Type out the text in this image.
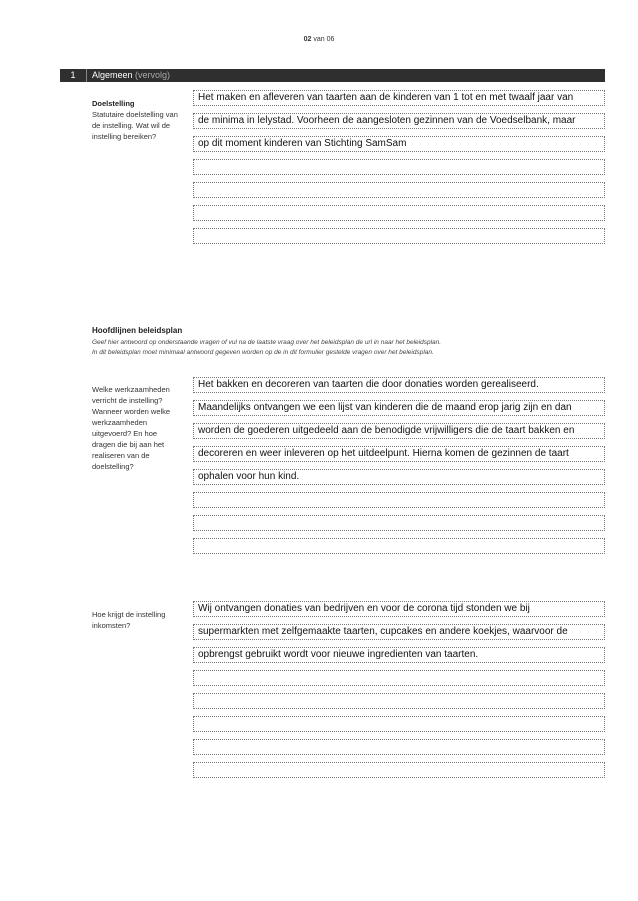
02 van 06
1	Algemeen (vervolg)
Doelstelling
Statutaire doelstelling van de instelling. Wat wil de instelling bereiken?
Het maken en afleveren van taarten aan de kinderen van 1 tot en met twaalf jaar van
de minima in lelystad. Voorheen de aangesloten gezinnen van de Voedselbank, maar
op dit moment kinderen van Stichting SamSam
Hoofdlijnen beleidsplan
Geef hier antwoord op onderstaande vragen of vul na de laatste vraag over het beleidsplan de url in naar het beleidsplan.
In dit beleidsplan moet minimaal antwoord gegeven worden op de in dit formulier gestelde vragen over het beleidsplan.
Welke werkzaamheden verricht de instelling? Wanneer worden welke werkzaamheden uitgevoerd? En hoe dragen die bij aan het realiseren van de doelstelling?
Het bakken en decoreren van taarten die door donaties worden gerealiseerd.
Maandelijks ontvangen we een lijst van kinderen die de maand erop jarig zijn en dan
worden de goederen uitgedeeld aan de benodigde vrijwilligers die de taart bakken en
decoreren en weer inleveren op het uitdeelpunt. Hierna komen de gezinnen de taart
ophalen voor hun kind.
Hoe krijgt de instelling inkomsten?
Wij ontvangen donaties van bedrijven en voor de corona tijd stonden we bij
supermarkten met zelfgemaakte taarten, cupcakes en andere koekjes, waarvoor de
opbrengst gebruikt wordt voor nieuwe ingredienten van taarten.
